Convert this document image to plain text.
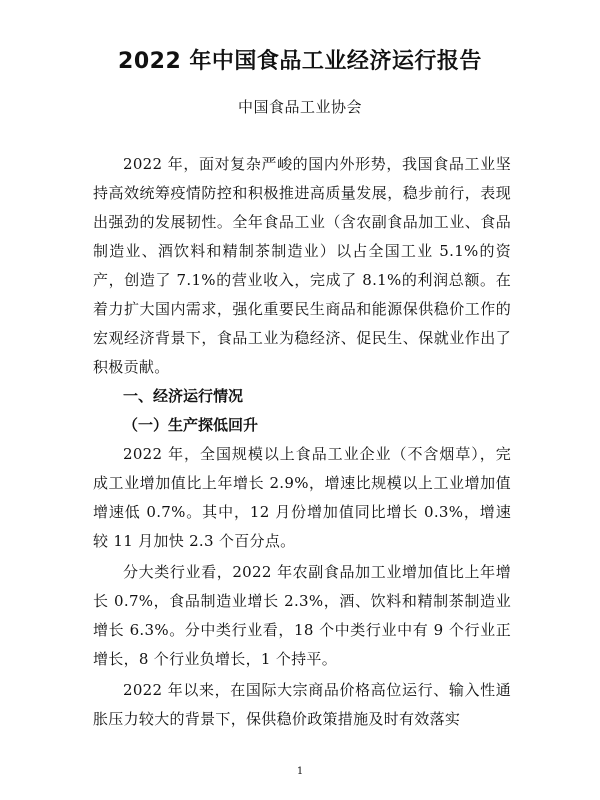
2022 年中国食品工业经济运行报告
中国食品工业协会

2022 年，面对复杂严峻的国内外形势，我国食品工业坚持高效统筹疫情防控和积极推进高质量发展，稳步前行，表现出强劲的发展韧性。全年食品工业（含农副食品加工业、食品制造业、酒饮料和精制茶制造业）以占全国工业 5.1%的资产，创造了 7.1%的营业收入，完成了 8.1%的利润总额。在着力扩大国内需求，强化重要民生商品和能源保供稳价工作的宏观经济背景下，食品工业为稳经济、促民生、保就业作出了积极贡献。

一、经济运行情况

（一）生产探低回升

2022 年，全国规模以上食品工业企业（不含烟草），完成工业增加值比上年增长 2.9%，增速比规模以上工业增加值增速低 0.7%。其中，12 月份增加值同比增长 0.3%，增速较 11 月加快 2.3 个百分点。

分大类行业看，2022 年农副食品加工业增加值比上年增长 0.7%，食品制造业增长 2.3%，酒、饮料和精制茶制造业增长 6.3%。分中类行业看，18 个中类行业中有 9 个行业正增长，8 个行业负增长，1 个持平。

2022 年以来，在国际大宗商品价格高位运行、输入性通胀压力较大的背景下，保供稳价政策措施及时有效落实

1
